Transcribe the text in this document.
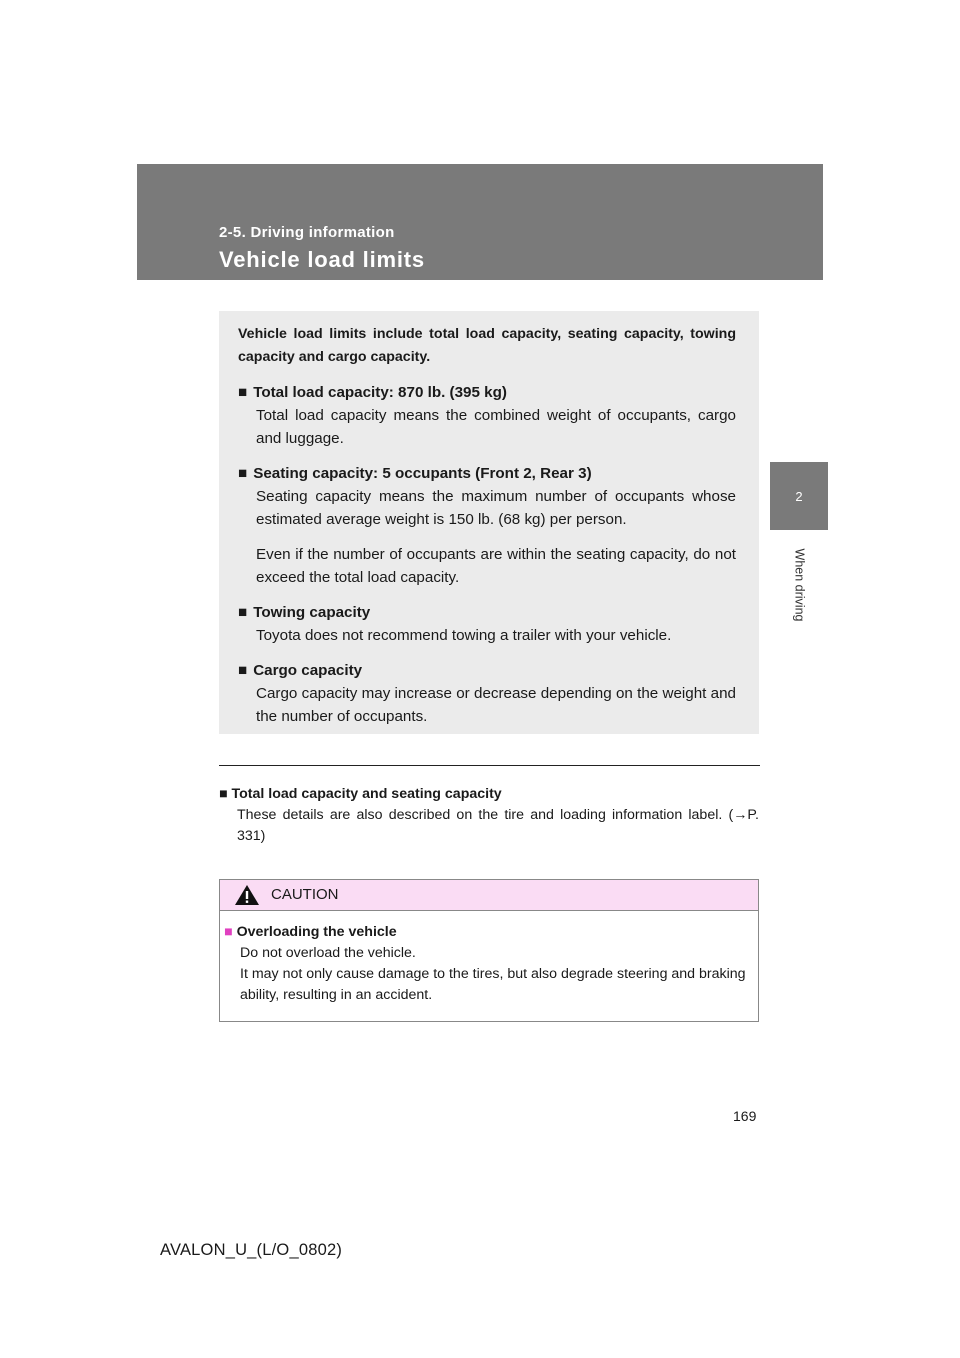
2-5. Driving information
Vehicle load limits
2
When driving

Vehicle load limits include total load capacity, seating capacity, towing capacity and cargo capacity.

■ Total load capacity: 870 lb. (395 kg)

Total load capacity means the combined weight of occupants, cargo and luggage.

■ Seating capacity: 5 occupants (Front 2, Rear 3)

Seating capacity means the maximum number of occupants whose estimated average weight is 150 lb. (68 kg) per person.

Even if the number of occupants are within the seating capacity, do not exceed the total load capacity.

■ Towing capacity

Toyota does not recommend towing a trailer with your vehicle.

■ Cargo capacity

Cargo capacity may increase or decrease depending on the weight and the number of occupants.

■ Total load capacity and seating capacity

These details are also described on the tire and loading information label. (→P. 331)

CAUTION

■ Overloading the vehicle

Do not overload the vehicle.

It may not only cause damage to the tires, but also degrade steering and braking ability, resulting in an accident.

169
AVALON_U_(L/O_0802)
